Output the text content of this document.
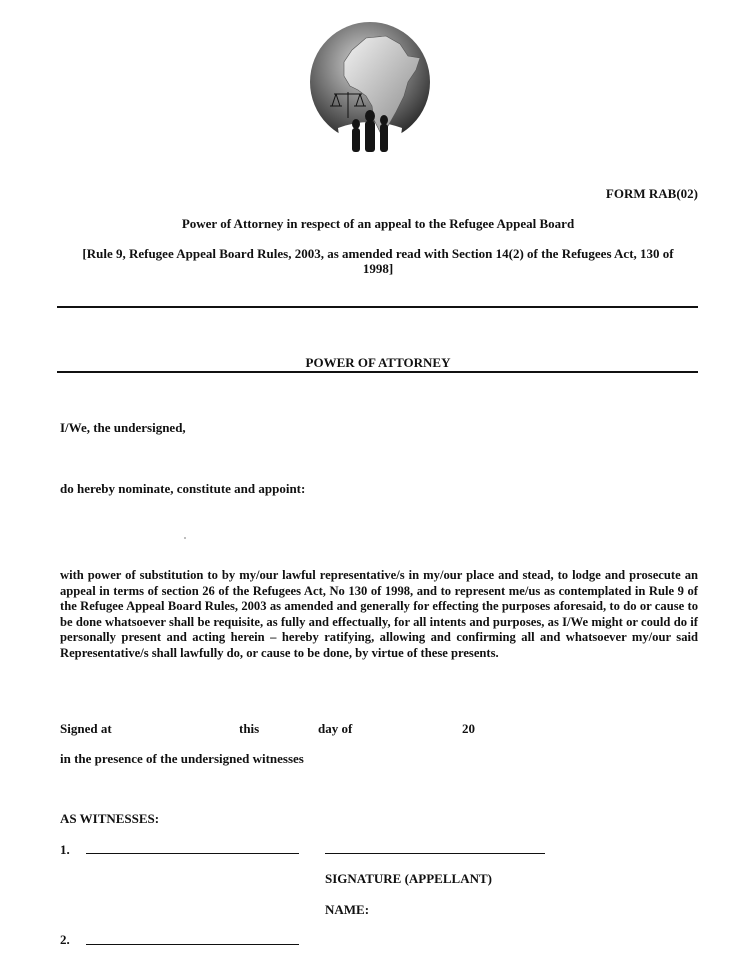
FORM RAB(02)
Power of Attorney in respect of an appeal to the Refugee Appeal Board
[Rule 9, Refugee Appeal Board Rules, 2003, as amended read with Section 14(2) of the Refugees Act, 130 of 1998]
POWER OF ATTORNEY
I/We, the undersigned,
do hereby nominate, constitute and appoint:
with power of substitution to by my/our lawful representative/s in my/our place and stead, to lodge and prosecute an appeal in terms of section 26 of the Refugees Act, No 130 of 1998, and to represent me/us as contemplated in Rule 9 of the Refugee Appeal Board Rules, 2003 as amended and generally for effecting the purposes aforesaid, to do or cause to be done whatsoever shall be requisite, as fully and effectually, for all intents and purposes, as I/We might or could do if personally present and acting herein – hereby ratifying, allowing and confirming all and whatsoever my/our said Representative/s shall lawfully do, or cause to be done, by virtue of these presents.
Signed at	this	day of	20
in the presence of the undersigned witnesses
AS WITNESSES:
1.
SIGNATURE (APPELLANT)
NAME:
2.
